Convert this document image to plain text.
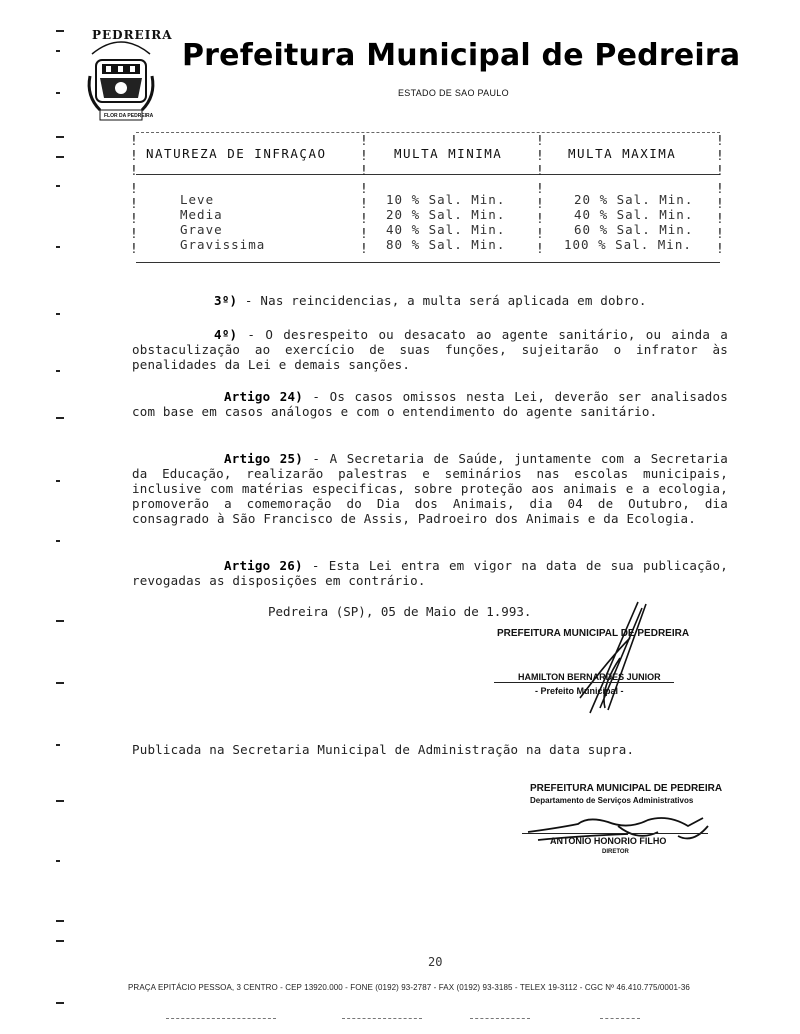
PEDREIRA
FLOR DA PEDREIRA
Prefeitura Municipal de Pedreira
ESTADO DE SAO PAULO
!
!
!
!
!
!
!
!
!
!
!
!
!
!
!
!
!
!
!
!
!
!
!
!
!
!
!
!
!
!
!
!
NATUREZA DE INFRAÇAO	MULTA MINIMA	MULTA MAXIMA
Leve	10 % Sal. Min.	20 % Sal. Min.
Media	20 % Sal. Min.	40 % Sal. Min.
Grave	40 % Sal. Min.	60 % Sal. Min.
Gravissima	80 % Sal. Min.	100 % Sal. Min.
3º) - Nas reincidencias, a multa será aplicada em dobro.
4º) - O desrespeito ou desacato ao agente sanitário, ou ainda a obstaculização ao exercício de suas funções, sujeitarão o infrator às penalidades da Lei e demais sanções.
Artigo 24) - Os casos omissos nesta Lei, deverão ser analisados com base em casos análogos e com o entendimento do agente sanitário.
Artigo 25) - A Secretaria de Saúde, juntamente com a Secretaria da Educação, realizarão palestras e seminários nas escolas municipais, inclusive com matérias especificas, sobre proteção aos animais e a ecologia, promoverão a comemoração do Dia dos Animais, dia 04 de Outubro, dia consagrado à São Francisco de Assis, Padroeiro dos Animais e da Ecologia.
Artigo 26) - Esta Lei entra em vigor na data de sua publicação, revogadas as disposições em contrário.
Pedreira (SP), 05 de Maio de 1.993.
PREFEITURA MUNICIPAL DE PEDREIRA
HAMILTON BERNARDES JUNIOR
- Prefeito Municipal -
Publicada na Secretaria Municipal de Administração na data supra.
PREFEITURA MUNICIPAL DE PEDREIRA
Departamento de Serviços Administrativos
ANTONIO HONORIO FILHO
DIRETOR
20
PRAÇA EPITÁCIO PESSOA, 3 CENTRO - CEP 13920.000 - FONE (0192) 93-2787 - FAX (0192) 93-3185 - TELEX 19-3112 - CGC Nº 46.410.775/0001-36
